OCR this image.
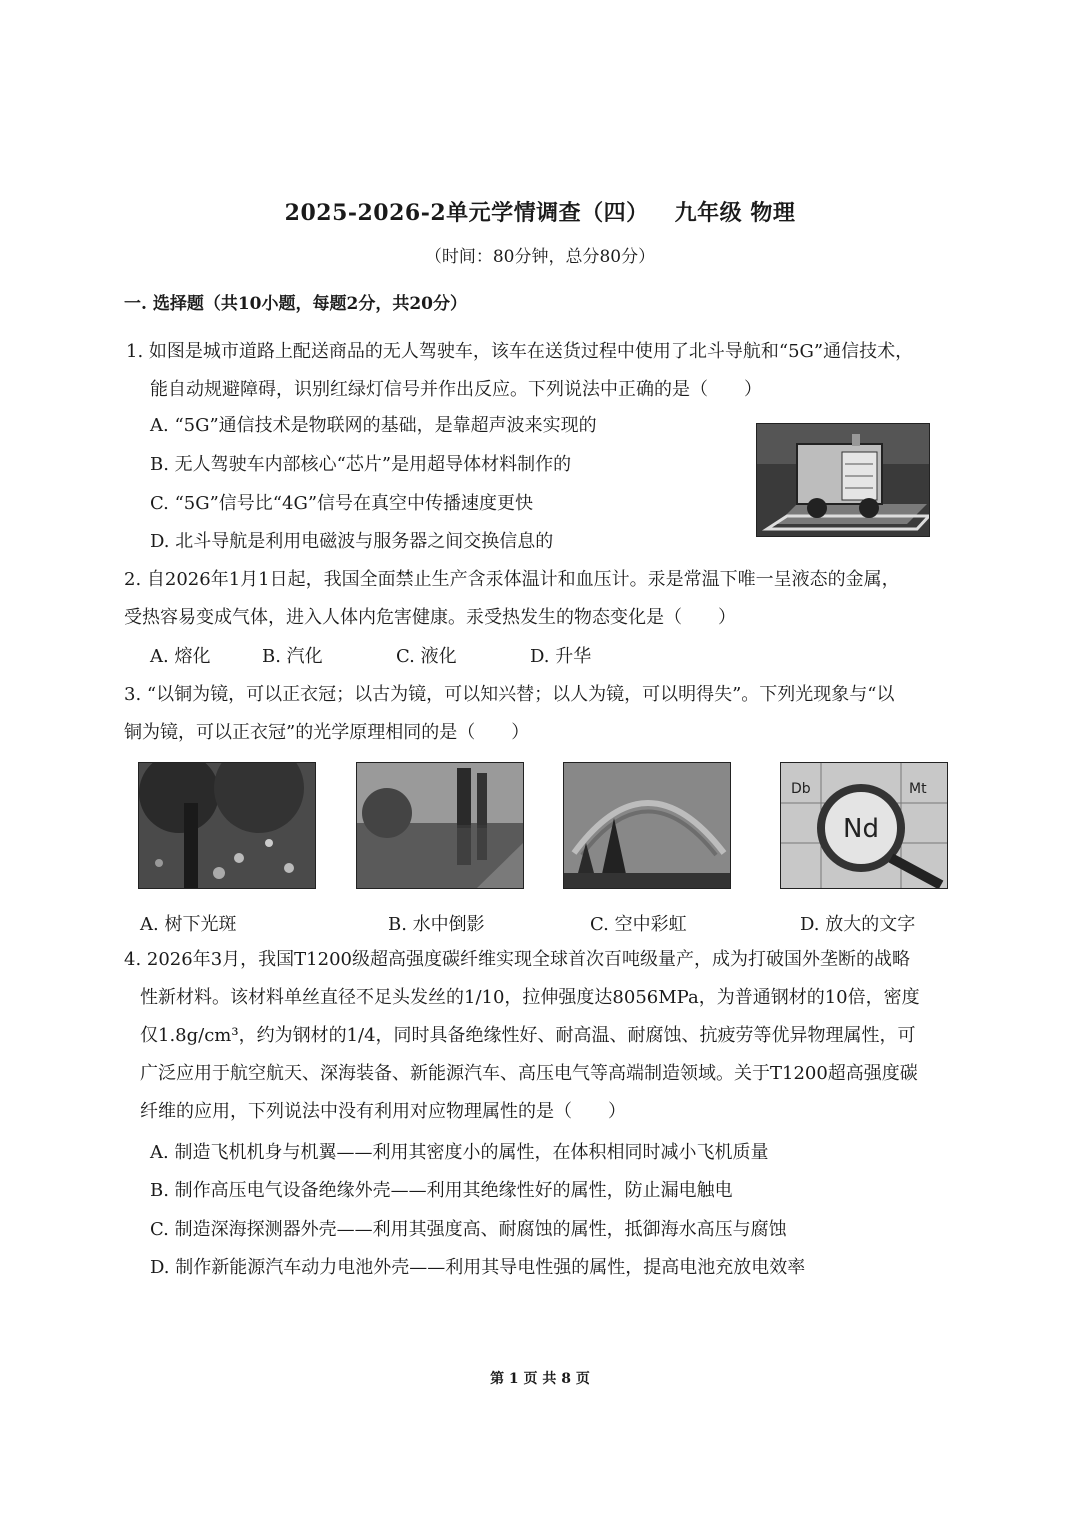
2025-2026-2单元学情调查（四） 九年级 物理
（时间：80分钟，总分80分）
一. 选择题（共10小题，每题2分，共20分）
1. 如图是城市道路上配送商品的无人驾驶车，该车在送货过程中使用了北斗导航和“5G”通信技术，
能自动规避障碍，识别红绿灯信号并作出反应。下列说法中正确的是（　　）
A. “5G”通信技术是物联网的基础，是靠超声波来实现的
B. 无人驾驶车内部核心“芯片”是用超导体材料制作的
C. “5G”信号比“4G”信号在真空中传播速度更快
D. 北斗导航是利用电磁波与服务器之间交换信息的
2. 自2026年1月1日起，我国全面禁止生产含汞体温计和血压计。汞是常温下唯一呈液态的金属，
受热容易变成气体，进入人体内危害健康。汞受热发生的物态变化是（　　）
A. 熔化	B. 汽化	C. 液化	D. 升华
3. “以铜为镜，可以正衣冠；以古为镜，可以知兴替；以人为镜，可以明得失”。下列光现象与“以
铜为镜，可以正衣冠”的光学原理相同的是（　　）
Db	Mt
Nd
A. 树下光斑	B. 水中倒影	C. 空中彩虹	D. 放大的文字
4. 2026年3月，我国T1200级超高强度碳纤维实现全球首次百吨级量产，成为打破国外垄断的战略
性新材料。该材料单丝直径不足头发丝的1/10，拉伸强度达8056MPa，为普通钢材的10倍，密度
仅1.8g/cm³，约为钢材的1/4，同时具备绝缘性好、耐高温、耐腐蚀、抗疲劳等优异物理属性，可
广泛应用于航空航天、深海装备、新能源汽车、高压电气等高端制造领域。关于T1200超高强度碳
纤维的应用，下列说法中没有利用对应物理属性的是（　　）
A. 制造飞机机身与机翼——利用其密度小的属性，在体积相同时减小飞机质量
B. 制作高压电气设备绝缘外壳——利用其绝缘性好的属性，防止漏电触电
C. 制造深海探测器外壳——利用其强度高、耐腐蚀的属性，抵御海水高压与腐蚀
D. 制作新能源汽车动力电池外壳——利用其导电性强的属性，提高电池充放电效率
第 1 页 共 8 页
